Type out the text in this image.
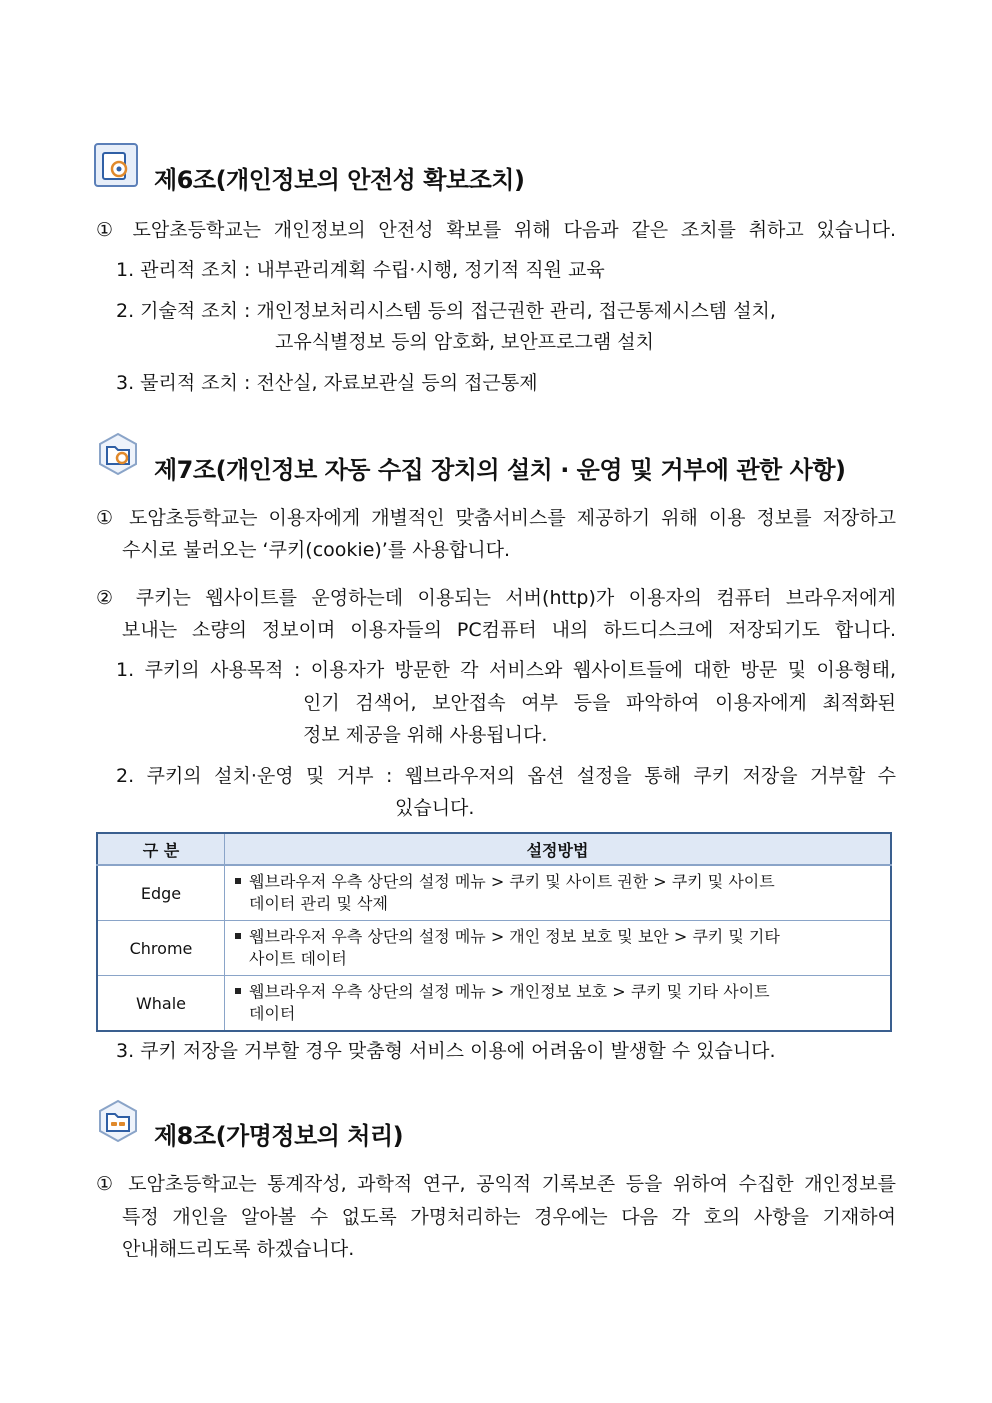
제6조(개인정보의 안전성 확보조치)
① 도암초등학교는 개인정보의 안전성 확보를 위해 다음과 같은 조치를 취하고 있습니다.
1. 관리적 조치 : 내부관리계획 수립·시행, 정기적 직원 교육
2. 기술적 조치 : 개인정보처리시스템 등의 접근권한 관리, 접근통제시스템 설치,
고유식별정보 등의 암호화, 보안프로그램 설치
3. 물리적 조치 : 전산실, 자료보관실 등의 접근통제
제7조(개인정보 자동 수집 장치의 설치 · 운영 및 거부에 관한 사항)
① 도암초등학교는 이용자에게 개별적인 맞춤서비스를 제공하기 위해 이용 정보를 저장하고
수시로 불러오는 ‘쿠키(cookie)’를 사용합니다.
② 쿠키는 웹사이트를 운영하는데 이용되는 서버(http)가 이용자의 컴퓨터 브라우저에게
보내는 소량의 정보이며 이용자들의 PC컴퓨터 내의 하드디스크에 저장되기도 합니다.
1. 쿠키의 사용목적 : 이용자가 방문한 각 서비스와 웹사이트들에 대한 방문 및 이용형태,
인기 검색어, 보안접속 여부 등을 파악하여 이용자에게 최적화된
정보 제공을 위해 사용됩니다.
2. 쿠키의 설치·운영 및 거부 : 웹브라우저의 옵션 설정을 통해 쿠키 저장을 거부할 수
있습니다.
구 분	설정방법
Edge	웹브라우저 우측 상단의 설정 메뉴 > 쿠키 및 사이트 권한 > 쿠키 및 사이트
데이터 관리 및 삭제
Chrome	웹브라우저 우측 상단의 설정 메뉴 > 개인 정보 보호 및 보안 > 쿠키 및 기타
사이트 데이터
Whale	웹브라우저 우측 상단의 설정 메뉴 > 개인정보 보호 > 쿠키 및 기타 사이트
데이터
3. 쿠키 저장을 거부할 경우 맞춤형 서비스 이용에 어려움이 발생할 수 있습니다.
제8조(가명정보의 처리)
① 도암초등학교는 통계작성, 과학적 연구, 공익적 기록보존 등을 위하여 수집한 개인정보를
특정 개인을 알아볼 수 없도록 가명처리하는 경우에는 다음 각 호의 사항을 기재하여
안내해드리도록 하겠습니다.
